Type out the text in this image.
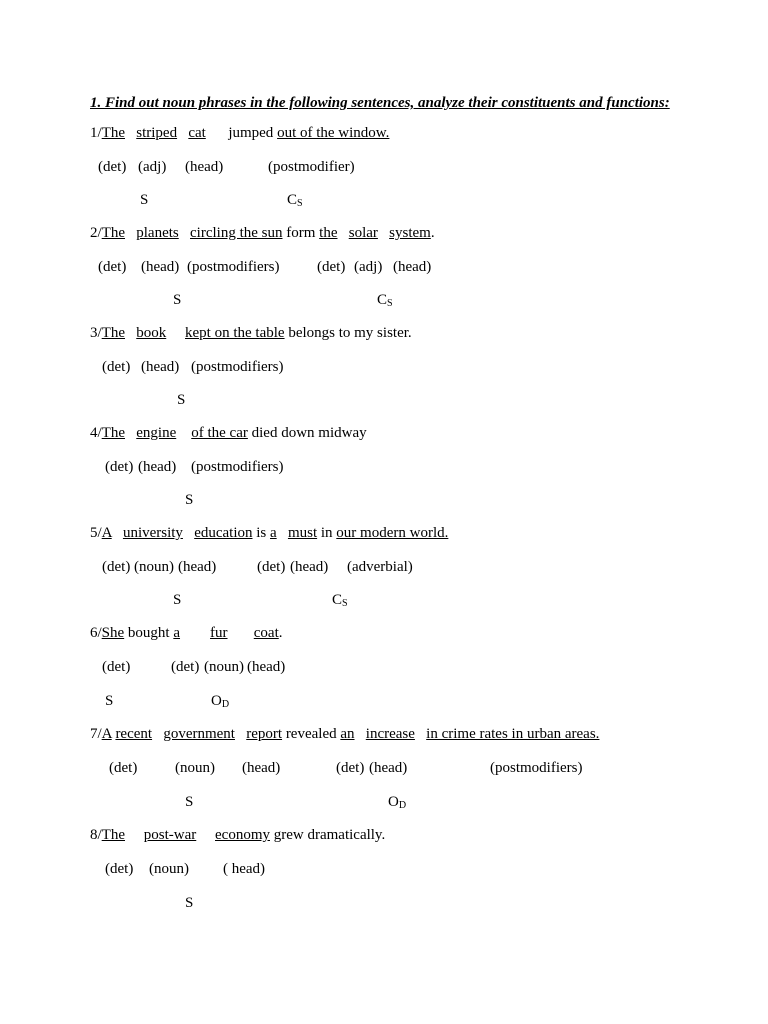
1. Find out noun phrases in the following sentences, analyze their constituents and functions:
1/The striped cat jumped out of the window.
(det) (adj) (head)	(postmodifier)
S	$C_S$
2/The planets circling the sun form the solar system.
(det) (head) (postmodifiers)	(det) (adj) (head)
S	$C_S$
3/The book kept on the table belongs to my sister.
(det) (head) (postmodifiers)
S
4/The engine of the car died down midway
(det) (head) (postmodifiers)
S
5/A university education is a must in our modern world.
(det) (noun) (head)	(det) (head) (adverbial)
S	$C_S$
6/She bought a fur coat.
(det)	(det) (noun) (head)
S	$O_D$
7/A recent government report revealed an increase in crime rates in urban areas.
(det)	(noun) (head)	(det) (head)	(postmodifiers)
S	$O_D$
8/The post-war economy grew dramatically.
(det) (noun) ( head)
S
